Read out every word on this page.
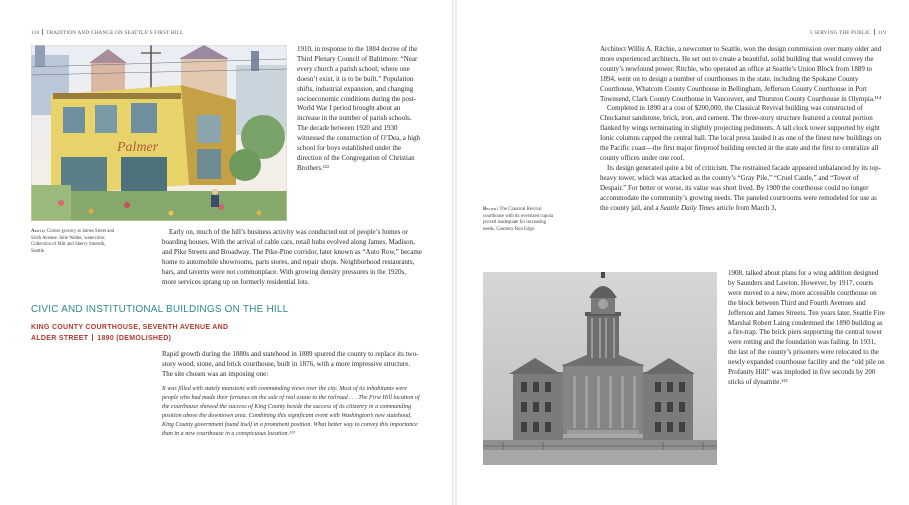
118 TRADITION AND CHANGE ON SEATTLE’S FIRST HILL
Palmer
Above: Corner grocery at James Street and Sixth Avenue. Julie Walter, watercolor. Collection of Milt and Sherry Smestik, Seattle.

1910, in response to the 1884 decree of the Third Plenary Council of Baltimore: “Near every church a parish school; where one doesn’t exist, it is to be built.” Population shifts, industrial expansion, and changing socioeconomic conditions during the post-World War I period brought about an increase in the number of parish schools. The decade between 1920 and 1930 witnessed the construction of O’Dea, a high school for boys established under the direction of the Congregation of Christian Brothers.¹¹²

Early on, much of the hill’s business activity was conducted out of people’s homes or boarding houses. With the arrival of cable cars, retail hubs evolved along James, Madison, and Pike Streets and Broadway. The Pike-Pine corridor, later known as “Auto Row,” became home to automobile showrooms, parts stores, and repair shops. Neighborhood restaurants, bars, and taverns were not commonplace. With growing density pressures in the 1920s, more services sprang up on formerly residential lots.

CIVIC AND INSTITUTIONAL BUILDINGS ON THE HILL
KING COUNTY COURTHOUSE, SEVENTH AVENUE AND
ALDER STREET 1890 (DEMOLISHED)

Rapid growth during the 1880s and statehood in 1889 spurred the county to replace its two-story wood, stone, and brick courthouse, built in 1876, with a more impressive structure. The site chosen was an imposing one:

It was filled with stately mansions with commanding views over the city. Most of its inhabitants were people who had made their fortunes on the sale of real estate to the railroad . . . The First Hill location of the courthouse showed the success of King County beside the success of its citizenry in a commanding position above the downtown area. Combining this significant event with Washington’s new statehood, King County government found itself in a prominent position. What better way to convey this importance than in a new courthouse in a conspicuous location.¹¹³
5 SERVING THE PUBLIC 119

Architect Willis A. Ritchie, a newcomer to Seattle, won the design commission over many older and more experienced architects. He set out to create a beautiful, solid building that would convey the county’s newfound power. Ritchie, who operated an office at Seattle’s Union Block from 1889 to 1894, went on to design a number of courthouses in the state, including the Spokane County Courthouse, Whatcom County Courthouse in Bellingham, Jefferson County Courthouse in Port Townsend, Clark County Courthouse in Vancouver, and Thurston County Courthouse in Olympia.¹¹⁴

Completed in 1890 at a cost of $200,000, the Classical Revival building was constructed of Chuckanut sandstone, brick, iron, and cement. The three-story structure featured a central portion flanked by wings terminating in slightly projecting pediments. A tall clock tower supported by eight Ionic columns capped the central hall. The local press lauded it as one of the finest new buildings on the Pacific coast—the first major fireproof building erected in the state and the first to centralize all county offices under one roof.

Its design generated quite a bit of criticism. The restrained facade appeared unbalanced by its top-heavy tower, which was attacked as the county’s “Gray Pile,” “Cruel Castle,” and “Tower of Despair.” For better or worse, its value was short lived. By 1900 the courthouse could no longer accommodate the community’s growing needs. The paneled courtrooms were remodeled for use as the county jail, and a Seattle Daily Times article from March 3,

Below: The Classical Revival courthouse with its oversized cupola proved inadequate for increasing needs. Courtesy Ron Edge.

1908, talked about plans for a wing addition designed by Saunders and Lawton. However, by 1917, courts were moved to a new, more accessible courthouse on the block between Third and Fourth Avenues and Jefferson and James Streets. Ten years later, Seattle Fire Marshal Robert Laing condemned the 1890 building as a fire-trap. The brick piers supporting the central tower were rotting and the foundation was failing. In 1931, the last of the county’s prisoners were relocated to the newly expanded courthouse facility and the “old pile on Profanity Hill” was imploded in five seconds by 200 sticks of dynamite.¹¹⁵
